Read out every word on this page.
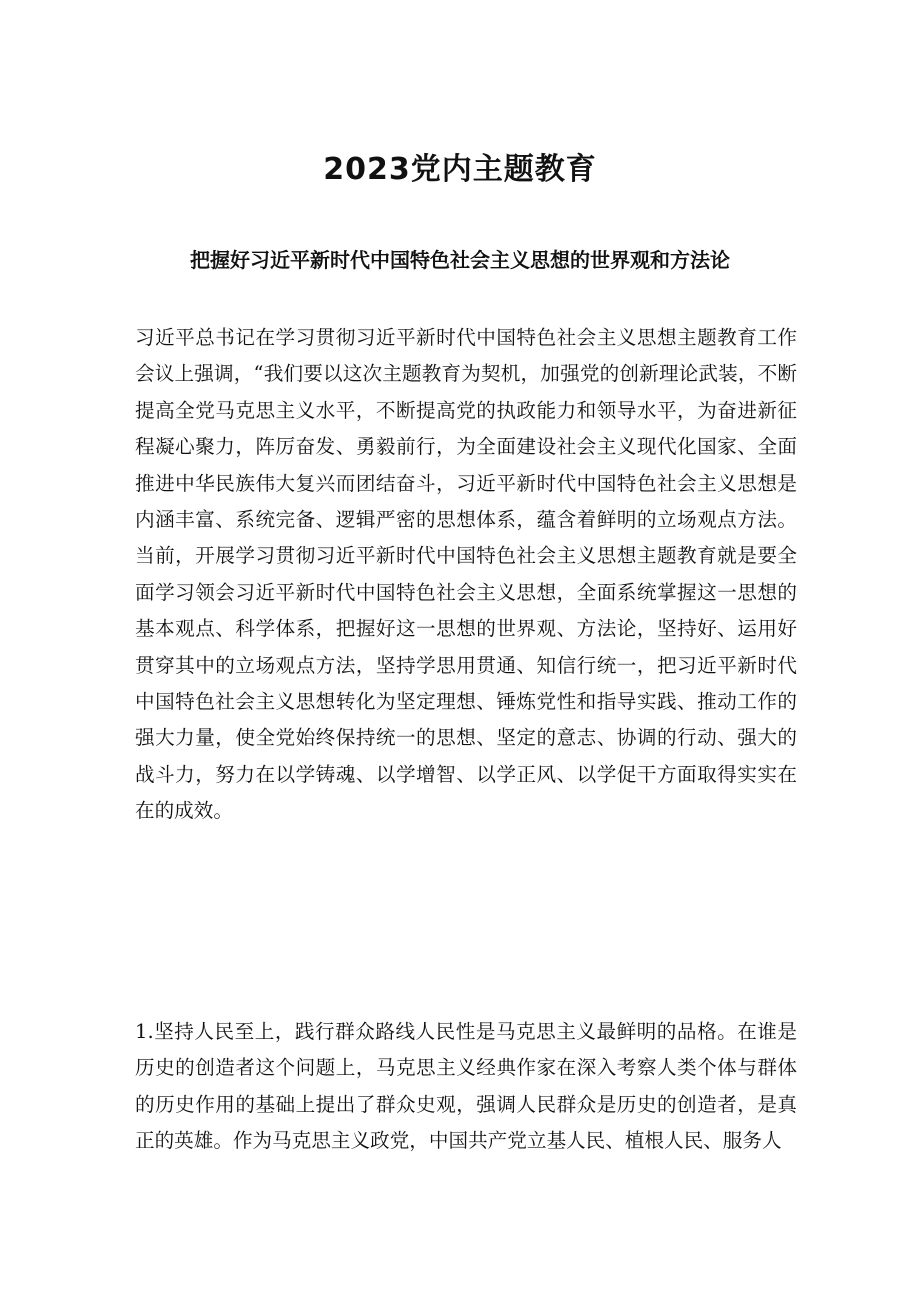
2023党内主题教育
把握好习近平新时代中国特色社会主义思想的世界观和方法论

习近平总书记在学习贯彻习近平新时代中国特色社会主义思想主题教育工作会议上强调，“我们要以这次主题教育为契机，加强党的创新理论武装，不断提高全党马克思主义水平，不断提高党的执政能力和领导水平，为奋进新征程凝心聚力，阵厉奋发、勇毅前行，为全面建设社会主义现代化国家、全面推进中华民族伟大复兴而团结奋斗，习近平新时代中国特色社会主义思想是内涵丰富、系统完备、逻辑严密的思想体系，蕴含着鲜明的立场观点方法。当前，开展学习贯彻习近平新时代中国特色社会主义思想主题教育就是要全面学习领会习近平新时代中国特色社会主义思想，全面系统掌握这一思想的基本观点、科学体系，把握好这一思想的世界观、方法论，坚持好、运用好贯穿其中的立场观点方法，坚持学思用贯通、知信行统一，把习近平新时代中国特色社会主义思想转化为坚定理想、锤炼党性和指导实践、推动工作的强大力量，使全党始终保持统一的思想、坚定的意志、协调的行动、强大的战斗力，努力在以学铸魂、以学增智、以学正风、以学促干方面取得实实在在的成效。

1.坚持人民至上，践行群众路线人民性是马克思主义最鲜明的品格。在谁是历史的创造者这个问题上，马克思主义经典作家在深入考察人类个体与群体的历史作用的基础上提出了群众史观，强调人民群众是历史的创造者，是真正的英雄。作为马克思主义政党，中国共产党立基人民、植根人民、服务人
